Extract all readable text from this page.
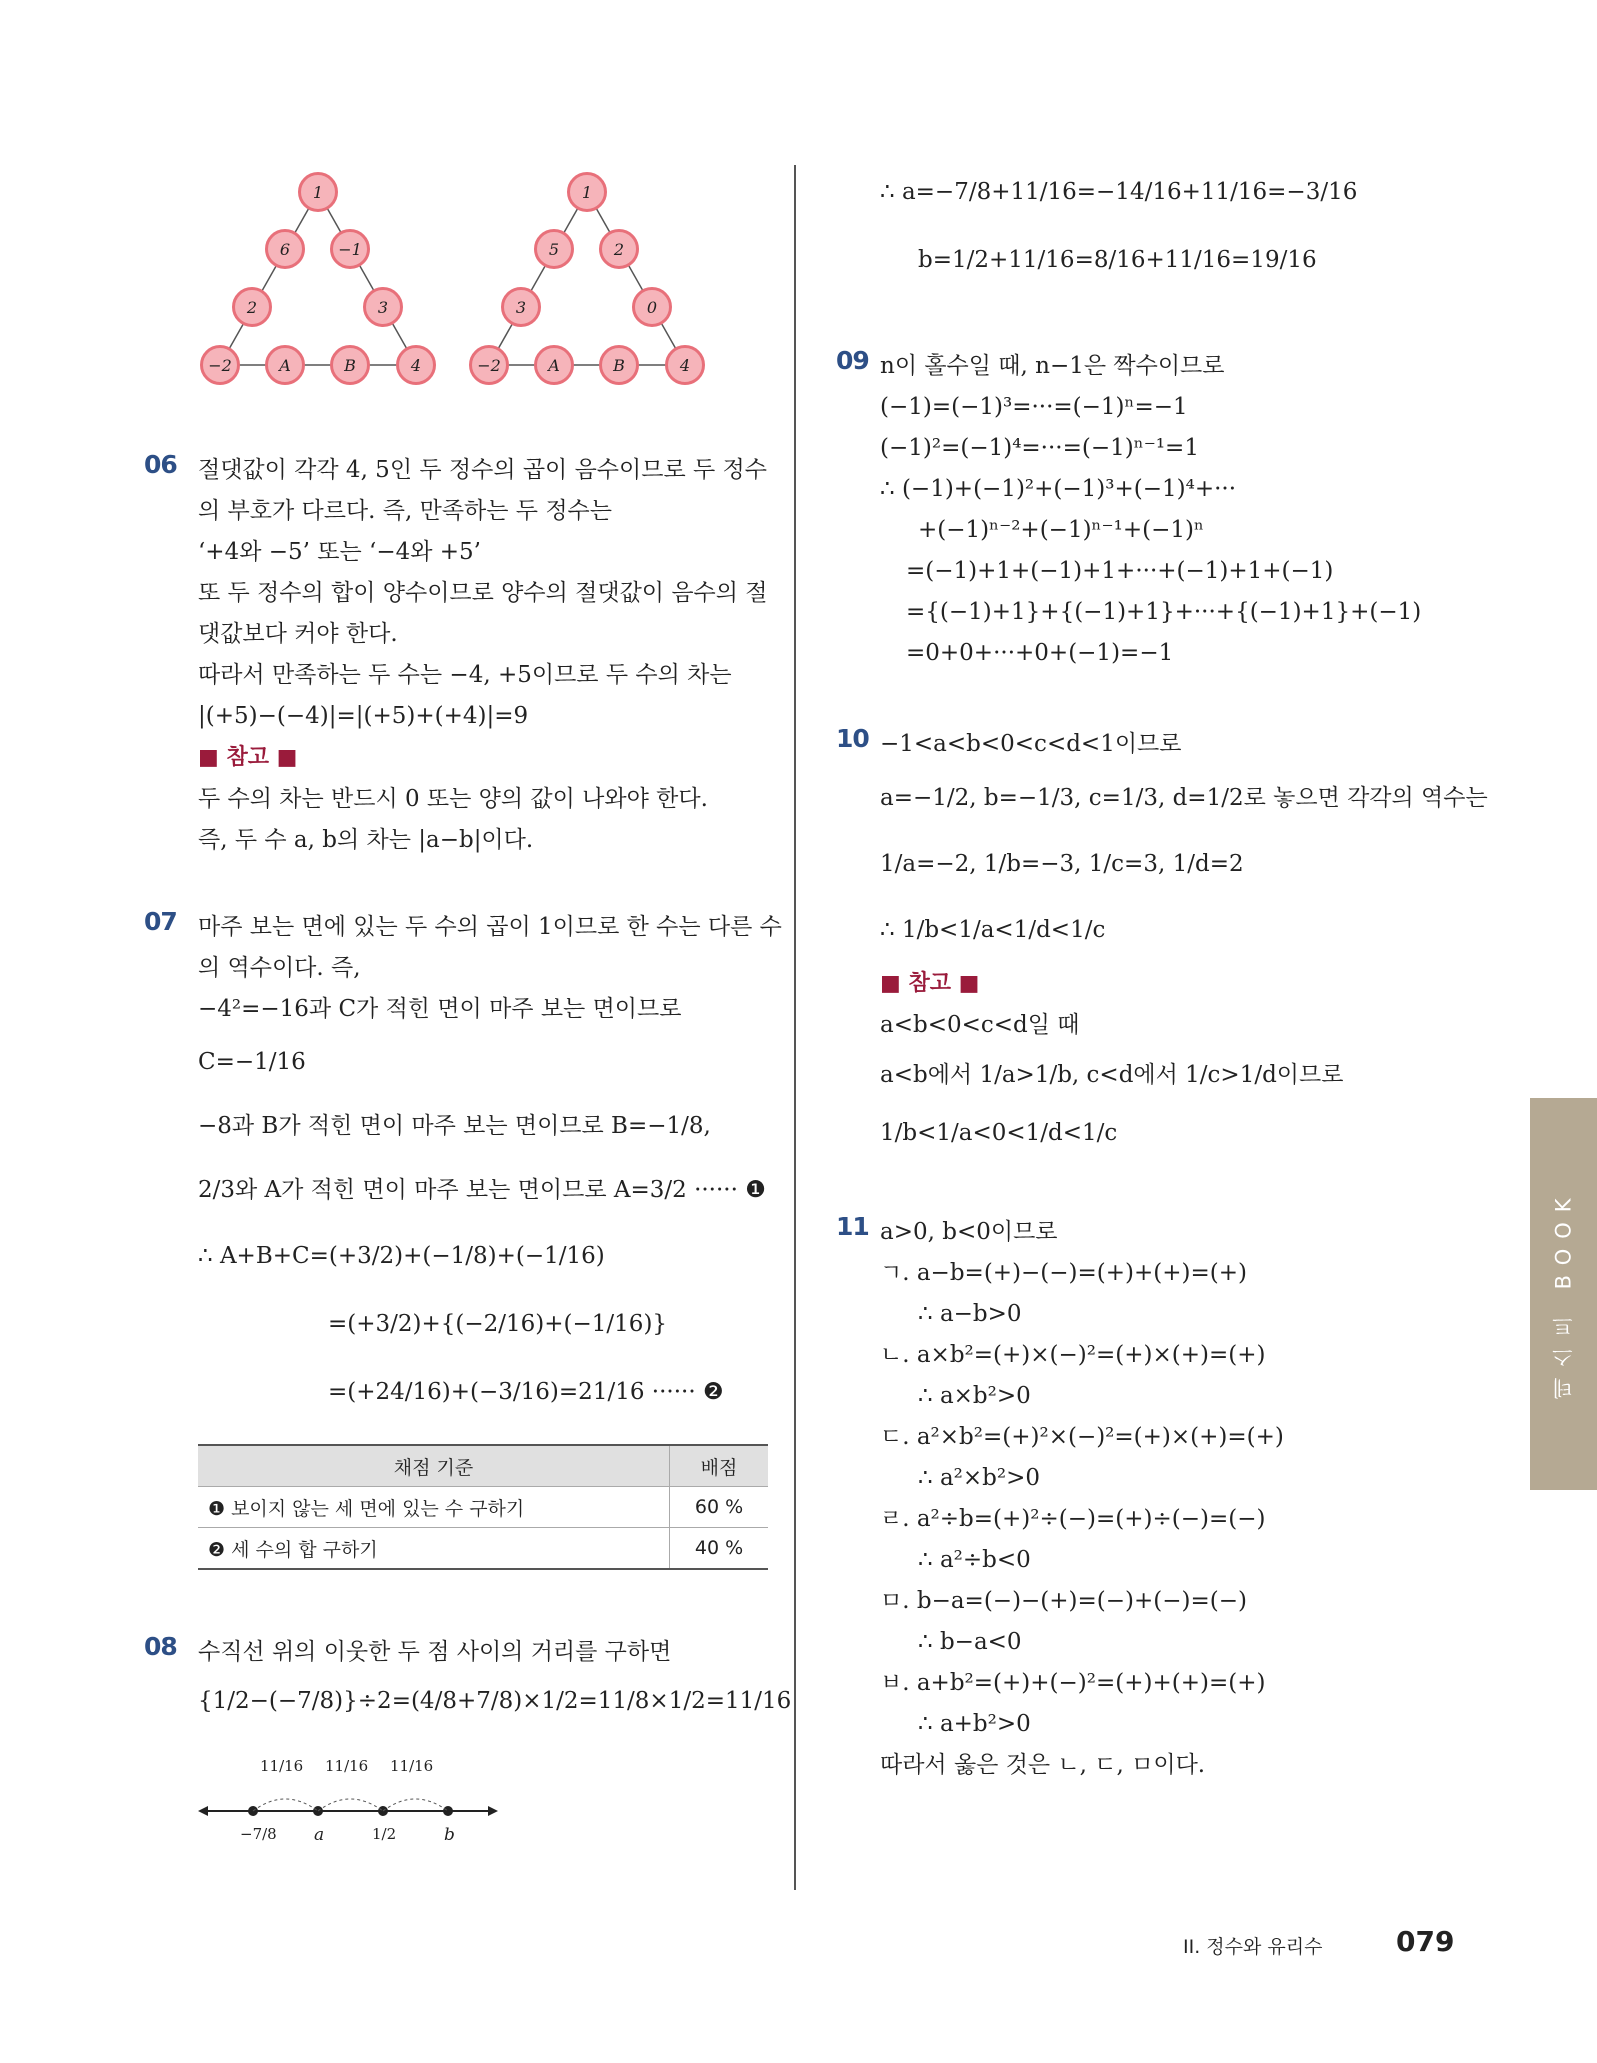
1
6	−1
2	3
−2	A	B	4
1
5	2
3	0
−2	A	B	4
06 절댓값이 각각 4, 5인 두 정수의 곱이 음수이므로 두 정수
의 부호가 다르다. 즉, 만족하는 두 정수는
‘+4와 −5’ 또는 ‘−4와 +5’
또 두 정수의 합이 양수이므로 양수의 절댓값이 음수의 절
댓값보다 커야 한다.
따라서 만족하는 두 수는 −4, +5이므로 두 수의 차는
|(+5)−(−4)|=|(+5)+(+4)|=9
■ 참고 ■
두 수의 차는 반드시 0 또는 양의 값이 나와야 한다.
즉, 두 수 a, b의 차는 |a−b|이다.
07 마주 보는 면에 있는 두 수의 곱이 1이므로 한 수는 다른 수
의 역수이다. 즉,
−4²=−16과 C가 적힌 면이 마주 보는 면이므로
C=−1/16
−8과 B가 적힌 면이 마주 보는 면이므로 B=−1/8,
2/3와 A가 적힌 면이 마주 보는 면이므로 A=3/2 ······ ❶
∴ A+B+C=(+3/2)+(−1/8)+(−1/16)
=(+3/2)+{(−2/16)+(−1/16)}
=(+24/16)+(−3/16)=21/16 ······ ❷
채점 기준	배점
❶ 보이지 않는 세 면에 있는 수 구하기	60 %
❷ 세 수의 합 구하기	40 %
08 수직선 위의 이웃한 두 점 사이의 거리를 구하면
{1/2−(−7/8)}÷2=(4/8+7/8)×1/2=11/8×1/2=11/16
11/16 11/16 11/16
−7/8 a	1/2	b
∴ a=−7/8+11/16=−14/16+11/16=−3/16
b=1/2+11/16=8/16+11/16=19/16
09 n이 홀수일 때, n−1은 짝수이므로
(−1)=(−1)³=···=(−1)ⁿ=−1
(−1)²=(−1)⁴=···=(−1)ⁿ⁻¹=1
∴ (−1)+(−1)²+(−1)³+(−1)⁴+···
+(−1)ⁿ⁻²+(−1)ⁿ⁻¹+(−1)ⁿ
=(−1)+1+(−1)+1+···+(−1)+1+(−1)
={(−1)+1}+{(−1)+1}+···+{(−1)+1}+(−1)
=0+0+···+0+(−1)=−1
10 −1<a<b<0<c<d<1이므로
a=−1/2, b=−1/3, c=1/3, d=1/2로 놓으면 각각의 역수는
1/a=−2, 1/b=−3, 1/c=3, 1/d=2
∴ 1/b<1/a<1/d<1/c
■ 참고 ■
a<b<0<c<d일 때
a<b에서 1/a>1/b, c<d에서 1/c>1/d이므로
1/b<1/a<0<1/d<1/c
11 a>0, b<0이므로
ㄱ. a−b=(+)−(−)=(+)+(+)=(+)
∴ a−b>0
ㄴ. a×b²=(+)×(−)²=(+)×(+)=(+)
∴ a×b²>0
ㄷ. a²×b²=(+)²×(−)²=(+)×(+)=(+)
∴ a²×b²>0
ㄹ. a²÷b=(+)²÷(−)=(+)÷(−)=(−)
∴ a²÷b<0
ㅁ. b−a=(−)−(+)=(−)+(−)=(−)
∴ b−a<0
ㅂ. a+b²=(+)+(−)²=(+)+(+)=(+)
∴ a+b²>0
따라서 옳은 것은 ㄴ, ㄷ, ㅁ이다.
테스트 BOOK
II. 정수와 유리수	079
